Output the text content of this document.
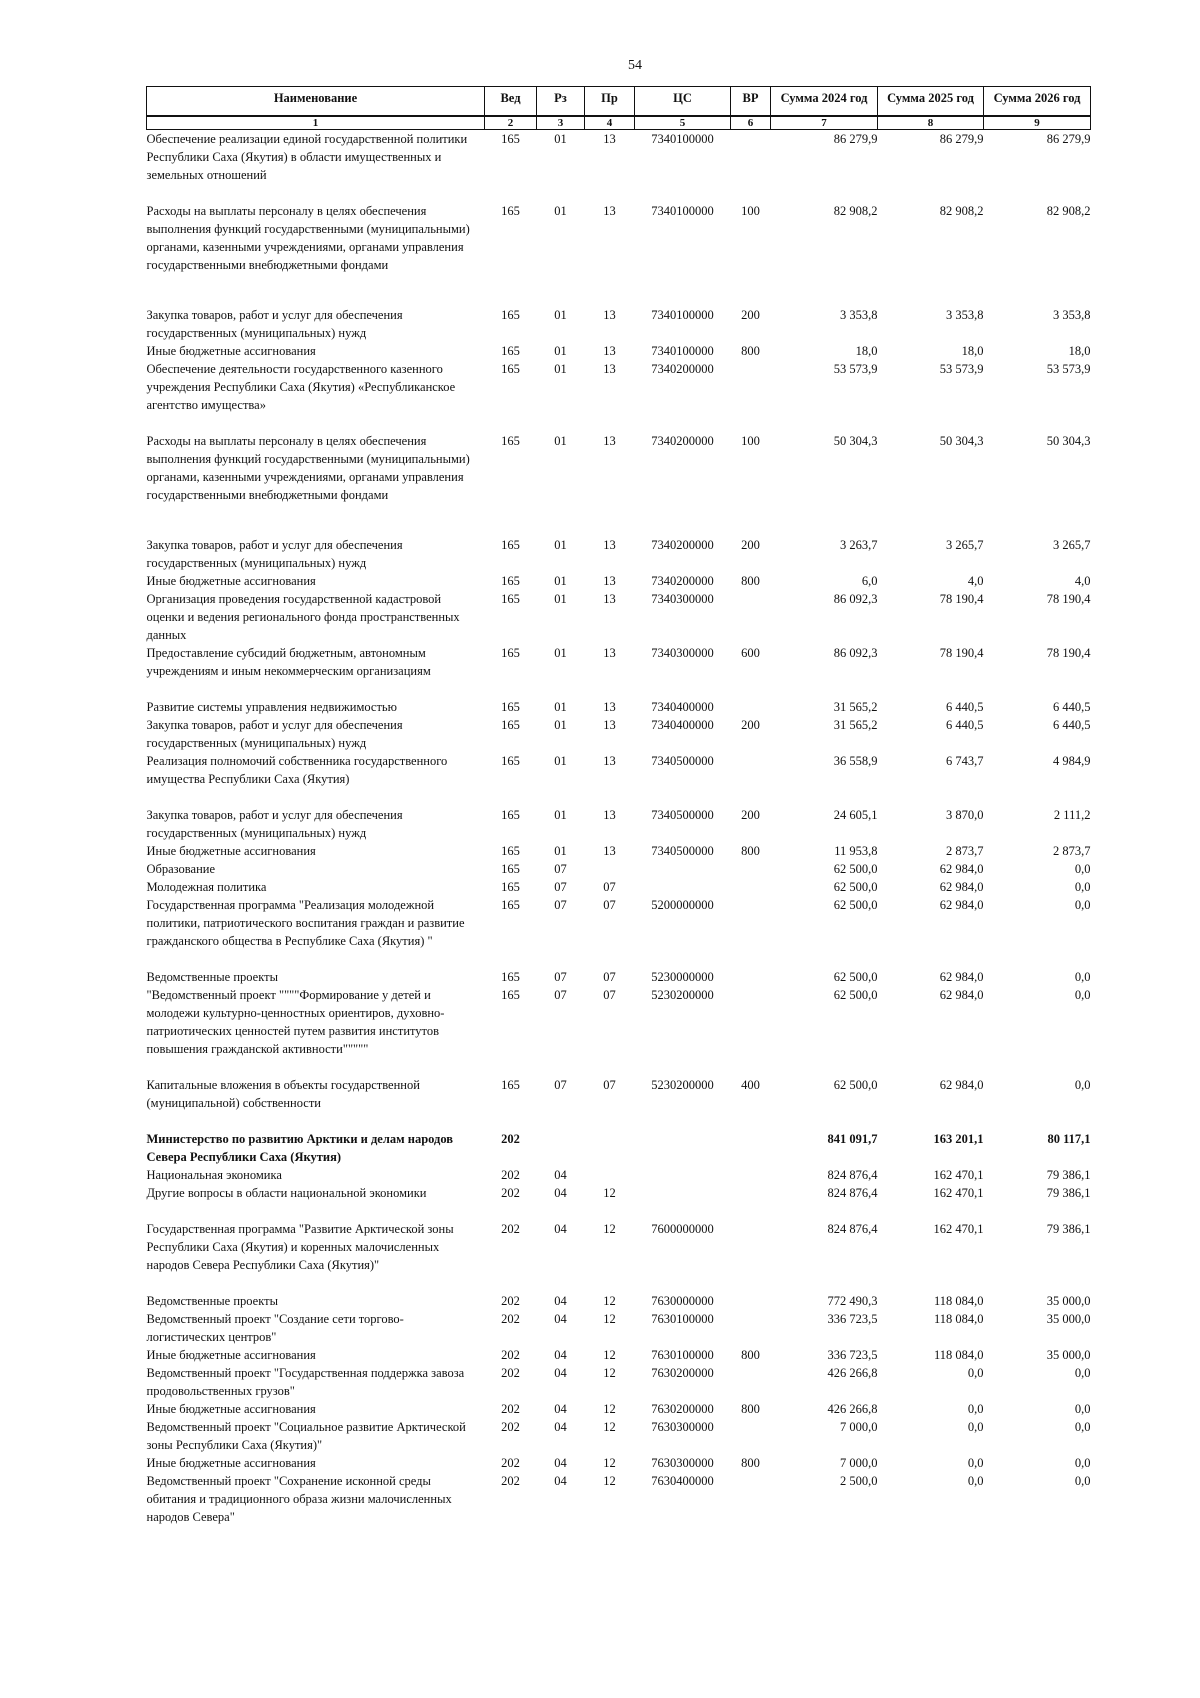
54
Наименование	Вед	Рз	Пр	ЦС	ВР	Сумма 2024 год	Сумма 2025 год	Сумма 2026 год
1	2	3	4	5	6	7	8	9
Обеспечение реализации единой государственной политики Республики Саха (Якутия) в области имущественных и земельных отношений	165	01	13	7340100000		86 279,9	86 279,9	86 279,9
Расходы на выплаты персоналу в целях обеспечения выполнения функций государственными (муниципальными) органами, казенными учреждениями, органами управления государственными внебюджетными фондами	165	01	13	7340100000	100	82 908,2	82 908,2	82 908,2
Закупка товаров, работ и услуг для обеспечения государственных (муниципальных) нужд	165	01	13	7340100000	200	3 353,8	3 353,8	3 353,8
Иные бюджетные ассигнования	165	01	13	7340100000	800	18,0	18,0	18,0
Обеспечение деятельности государственного казенного учреждения Республики Саха (Якутия) «Республиканское агентство имущества»	165	01	13	7340200000		53 573,9	53 573,9	53 573,9
Расходы на выплаты персоналу в целях обеспечения выполнения функций государственными (муниципальными) органами, казенными учреждениями, органами управления государственными внебюджетными фондами	165	01	13	7340200000	100	50 304,3	50 304,3	50 304,3
Закупка товаров, работ и услуг для обеспечения государственных (муниципальных) нужд	165	01	13	7340200000	200	3 263,7	3 265,7	3 265,7
Иные бюджетные ассигнования	165	01	13	7340200000	800	6,0	4,0	4,0
Организация проведения государственной кадастровой оценки и ведения регионального фонда пространственных данных	165	01	13	7340300000		86 092,3	78 190,4	78 190,4
Предоставление субсидий бюджетным, автономным учреждениям и иным некоммерческим организациям	165	01	13	7340300000	600	86 092,3	78 190,4	78 190,4
Развитие системы управления недвижимостью	165	01	13	7340400000		31 565,2	6 440,5	6 440,5
Закупка товаров, работ и услуг для обеспечения государственных (муниципальных) нужд	165	01	13	7340400000	200	31 565,2	6 440,5	6 440,5
Реализация полномочий собственника государственного имущества Республики Саха (Якутия)	165	01	13	7340500000		36 558,9	6 743,7	4 984,9
Закупка товаров, работ и услуг для обеспечения государственных (муниципальных) нужд	165	01	13	7340500000	200	24 605,1	3 870,0	2 111,2
Иные бюджетные ассигнования	165	01	13	7340500000	800	11 953,8	2 873,7	2 873,7
Образование	165	07				62 500,0	62 984,0	0,0
Молодежная политика	165	07	07			62 500,0	62 984,0	0,0
Государственная программа "Реализация молодежной политики, патриотического воспитания граждан и развитие гражданского общества в Республике Саха (Якутия) "	165	07	07	5200000000		62 500,0	62 984,0	0,0
Ведомственные проекты	165	07	07	5230000000		62 500,0	62 984,0	0,0
"Ведомственный проект """"Формирование у детей и молодежи культурно-ценностных ориентиров, духовно-патриотических ценностей путем развития институтов повышения гражданской активности"""""	165	07	07	5230200000		62 500,0	62 984,0	0,0
Капитальные вложения в объекты государственной (муниципальной) собственности	165	07	07	5230200000	400	62 500,0	62 984,0	0,0
Министерство по развитию Арктики и делам народов Севера Республики Саха (Якутия)	202					841 091,7	163 201,1	80 117,1
Национальная экономика	202	04				824 876,4	162 470,1	79 386,1
Другие вопросы в области национальной экономики	202	04	12			824 876,4	162 470,1	79 386,1
Государственная программа "Развитие Арктической зоны Республики Саха (Якутия) и коренных малочисленных народов Севера Республики Саха (Якутия)"	202	04	12	7600000000		824 876,4	162 470,1	79 386,1
Ведомственные проекты	202	04	12	7630000000		772 490,3	118 084,0	35 000,0
Ведомственный проект "Создание сети торгово-логистических центров"	202	04	12	7630100000		336 723,5	118 084,0	35 000,0
Иные бюджетные ассигнования	202	04	12	7630100000	800	336 723,5	118 084,0	35 000,0
Ведомственный проект "Государственная поддержка завоза продовольственных грузов"	202	04	12	7630200000		426 266,8	0,0	0,0
Иные бюджетные ассигнования	202	04	12	7630200000	800	426 266,8	0,0	0,0
Ведомственный проект "Социальное развитие Арктической зоны Республики Саха (Якутия)"	202	04	12	7630300000		7 000,0	0,0	0,0
Иные бюджетные ассигнования	202	04	12	7630300000	800	7 000,0	0,0	0,0
Ведомственный проект "Сохранение исконной среды обитания и традиционного образа жизни малочисленных народов Севера"	202	04	12	7630400000		2 500,0	0,0	0,0
